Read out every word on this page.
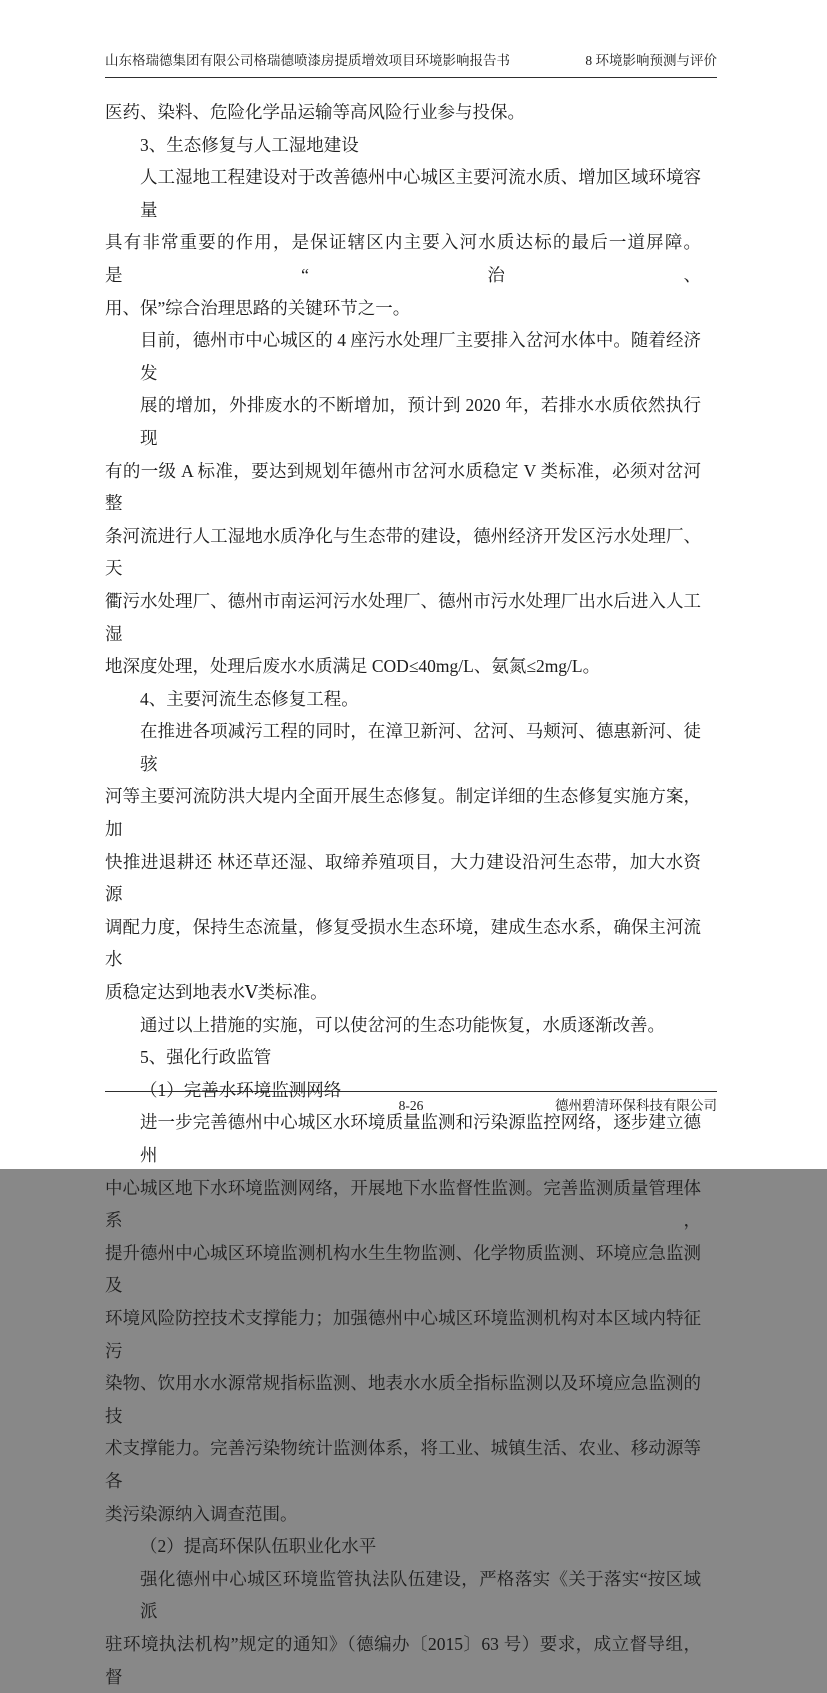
山东格瑞德集团有限公司格瑞德喷漆房提质增效项目环境影响报告书	8 环境影响预测与评价
医药、染料、危险化学品运输等高风险行业参与投保。
3、生态修复与人工湿地建设
人工湿地工程建设对于改善德州中心城区主要河流水质、增加区域环境容量
具有非常重要的作用，是保证辖区内主要入河水质达标的最后一道屏障。是“治、
用、保”综合治理思路的关键环节之一。
目前，德州市中心城区的 4 座污水处理厂主要排入岔河水体中。随着经济发
展的增加，外排废水的不断增加，预计到 2020 年，若排水水质依然执行现
有的一级 A 标准，要达到规划年德州市岔河水质稳定 V 类标准，必须对岔河整
条河流进行人工湿地水质净化与生态带的建设，德州经济开发区污水处理厂、天
衢污水处理厂、德州市南运河污水处理厂、德州市污水处理厂出水后进入人工湿
地深度处理，处理后废水水质满足 COD≤40mg/L、氨氮≤2mg/L。
4、主要河流生态修复工程。
在推进各项减污工程的同时，在漳卫新河、岔河、马颊河、德惠新河、徒骇
河等主要河流防洪大堤内全面开展生态修复。制定详细的生态修复实施方案，加
快推进退耕还 林还草还湿、取缔养殖项目，大力建设沿河生态带，加大水资源
调配力度，保持生态流量，修复受损水生态环境，建成生态水系，确保主河流水
质稳定达到地表水Ⅴ类标准。
通过以上措施的实施，可以使岔河的生态功能恢复，水质逐渐改善。
5、强化行政监管
（1）完善水环境监测网络
进一步完善德州中心城区水环境质量监测和污染源监控网络，逐步建立德州
中心城区地下水环境监测网络，开展地下水监督性监测。完善监测质量管理体系，
提升德州中心城区环境监测机构水生生物监测、化学物质监测、环境应急监测及
环境风险防控技术支撑能力；加强德州中心城区环境监测机构对本区域内特征污
染物、饮用水水源常规指标监测、地表水水质全指标监测以及环境应急监测的技
术支撑能力。完善污染物统计监测体系，将工业、城镇生活、农业、移动源等各
类污染源纳入调查范围。
（2）提高环保队伍职业化水平
强化德州中心城区环境监管执法队伍建设，严格落实《关于落实“按区域派
驻环境执法机构”规定的通知》（德编办〔2015〕63 号）要求，成立督导组，督
8-26	德州碧清环保科技有限公司
